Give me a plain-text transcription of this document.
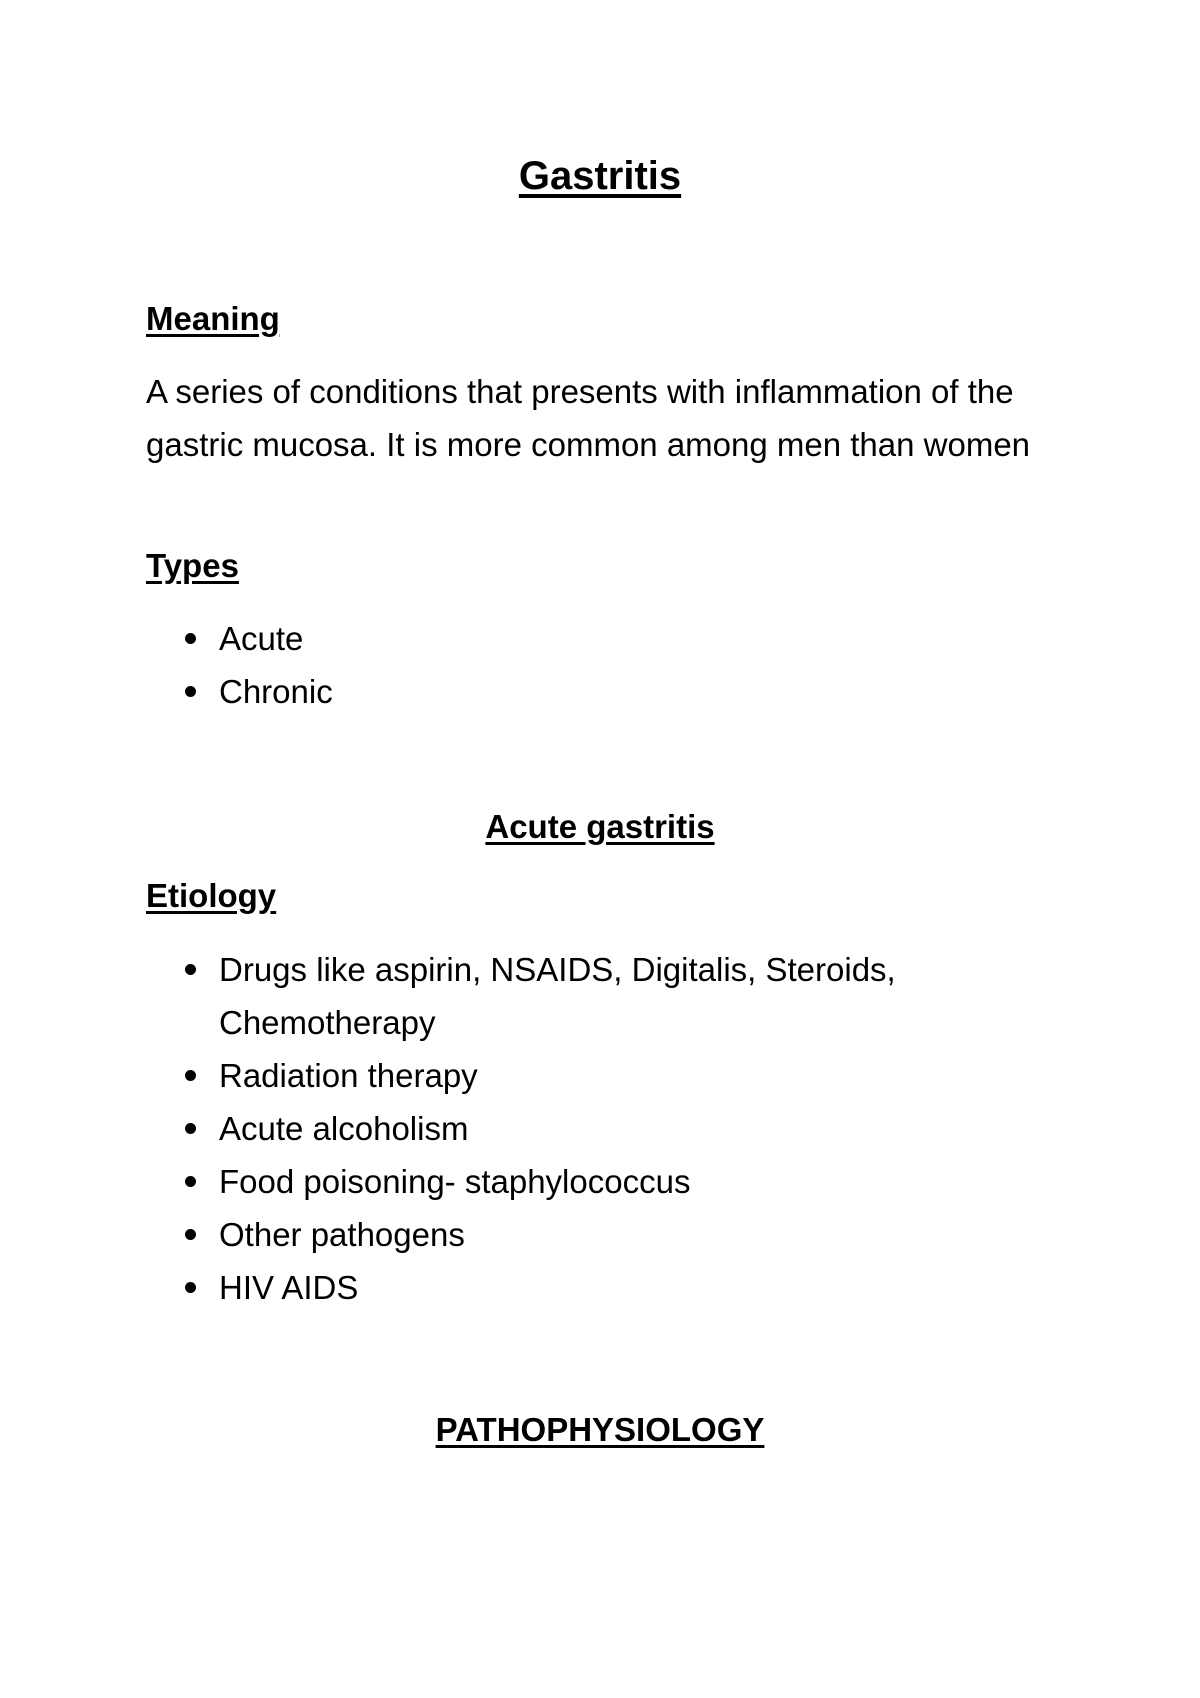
Gastritis
Meaning

A series of conditions that presents with inflammation of the gastric mucosa. It is more common among men than women

Types
Acute
Chronic
Acute gastritis
Etiology
Drugs like aspirin, NSAIDS, Digitalis, Steroids, Chemotherapy
Radiation therapy
Acute alcoholism
Food poisoning- staphylococcus
Other pathogens
HIV AIDS
PATHOPHYSIOLOGY
